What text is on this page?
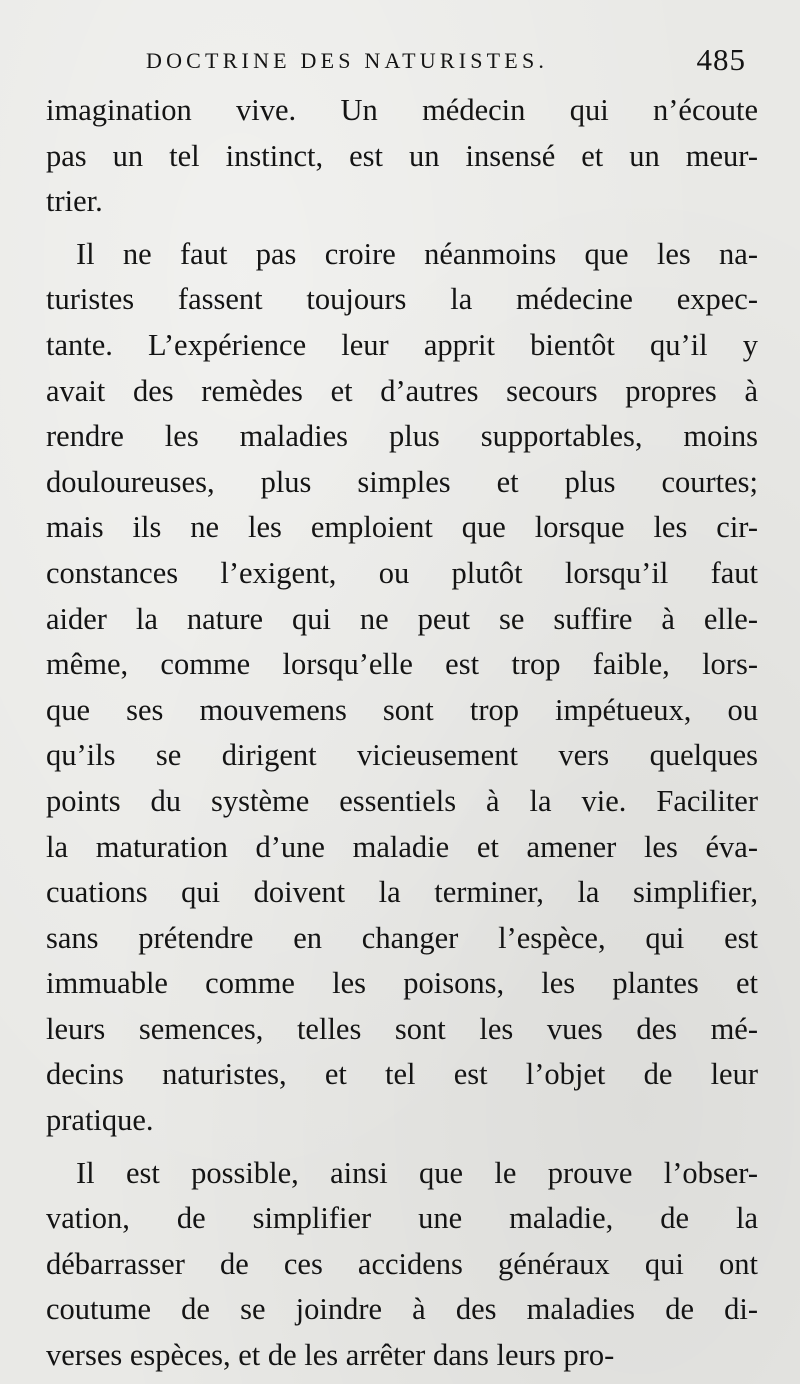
DOCTRINE DES NATURISTES.	485
imagination vive. Un médecin qui n’écoute
pas un tel instinct, est un insensé et un meur-
trier.
Il ne faut pas croire néanmoins que les na-
turistes fassent toujours la médecine expec-
tante. L’expérience leur apprit bientôt qu’il y
avait des remèdes et d’autres secours propres à
rendre les maladies plus supportables, moins
douloureuses, plus simples et plus courtes;
mais ils ne les emploient que lorsque les cir-
constances l’exigent, ou plutôt lorsqu’il faut
aider la nature qui ne peut se suffire à elle-
même, comme lorsqu’elle est trop faible, lors-
que ses mouvemens sont trop impétueux, ou
qu’ils se dirigent vicieusement vers quelques
points du système essentiels à la vie. Faciliter
la maturation d’une maladie et amener les éva-
cuations qui doivent la terminer, la simplifier,
sans prétendre en changer l’espèce, qui est
immuable comme les poisons, les plantes et
leurs semences, telles sont les vues des mé-
decins naturistes, et tel est l’objet de leur
pratique.
Il est possible, ainsi que le prouve l’obser-
vation, de simplifier une maladie, de la
débarrasser de ces accidens généraux qui ont
coutume de se joindre à des maladies de di-
verses espèces, et de les arrêter dans leurs pro-
